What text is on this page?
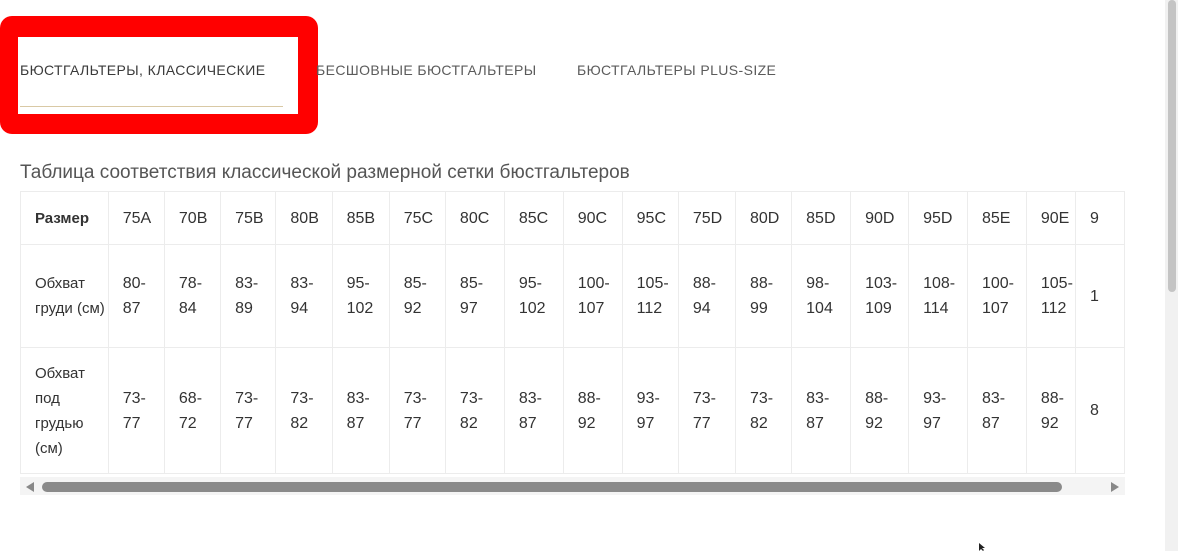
БЮСТГАЛЬТЕРЫ, КЛАССИЧЕСКИЕ	БЕСШОВНЫЕ БЮСТГАЛЬТЕРЫ	БЮСТГАЛЬТЕРЫ PLUS-SIZE
Таблица соответствия классической размерной сетки бюстгальтеров
Размер	75A	70B	75B	80B	85B	75C	80C	85C	90C	95C	75D	80D	85D	90D	95D	85E	90E	9

Обхват груди (см)	80-87	78-84	83-89	83-94	95-102	85-92	85-97	95-102	100-107	105-112	88-94	88-99	98-104	103-109	108-114	100-107	105-112	1

Обхват под грудью (см)	73-77	68-72	73-77	73-82	83-87	73-77	73-82	83-87	88-92	93-97	73-77	73-82	83-87	88-92	93-97	83-87	88-92	8
